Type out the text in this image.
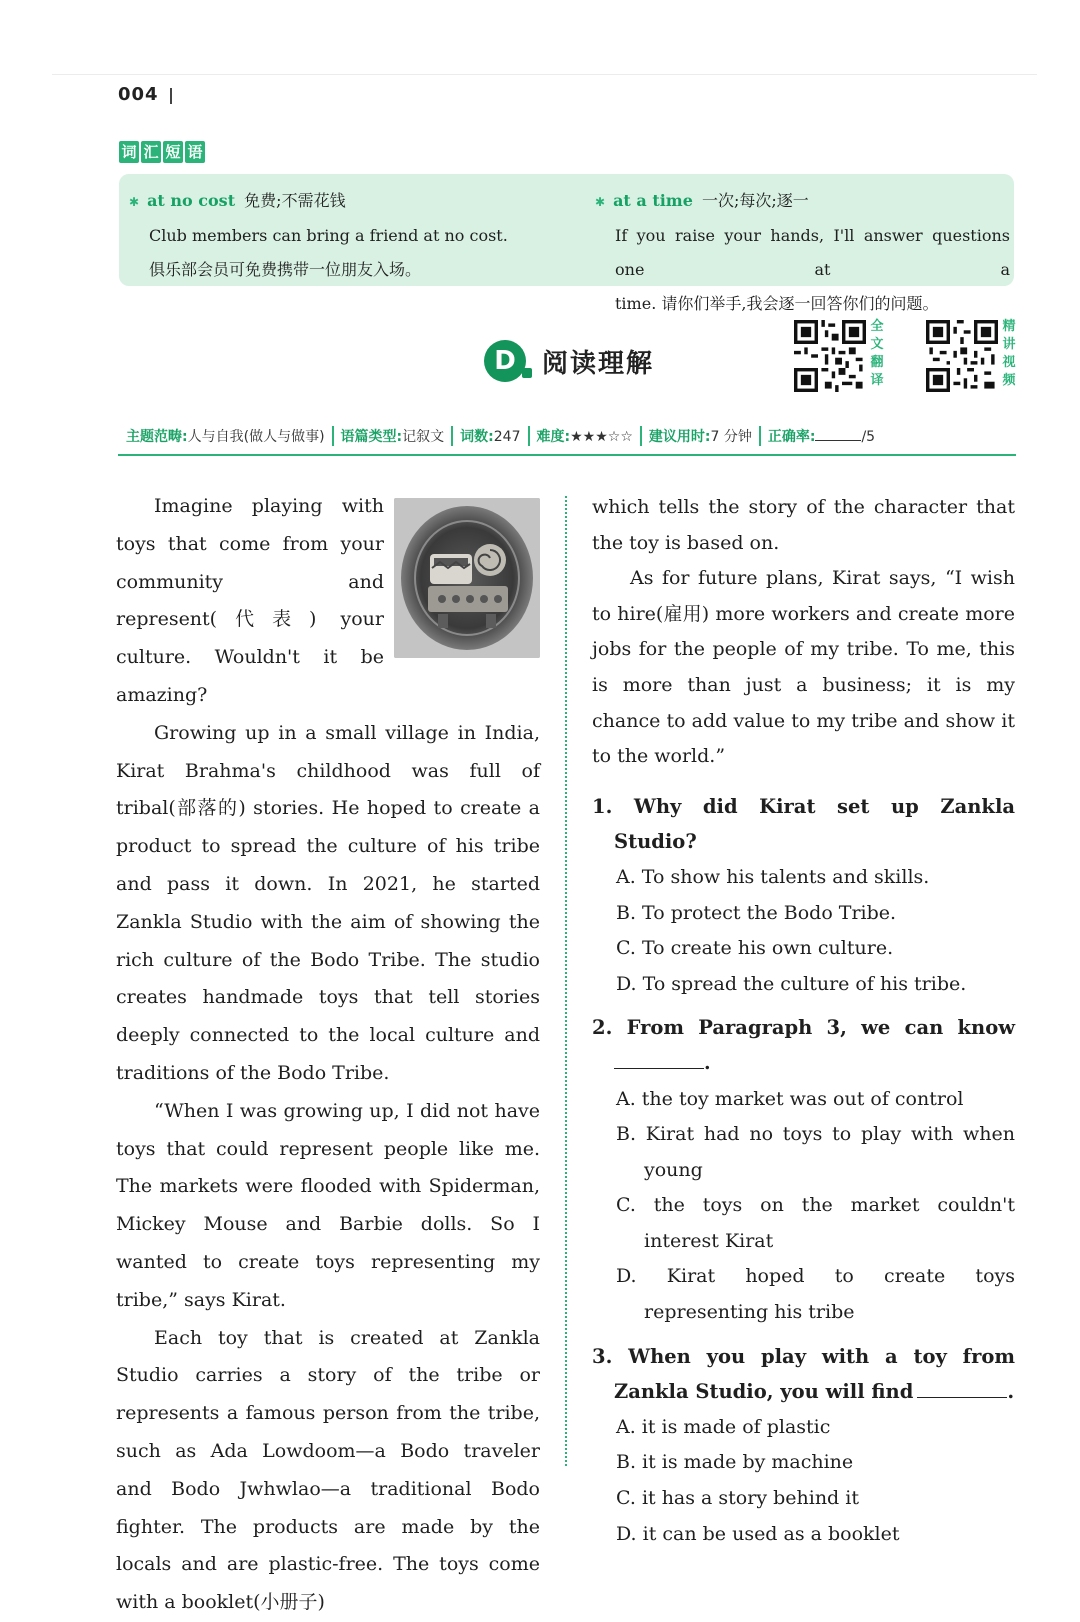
004
词 汇 短 语
✱ at no cost 免费;不需花钱
Club members can bring a friend at no cost.
俱乐部会员可免费携带一位朋友入场。
✱ at a time 一次;每次;逐一
If you raise your hands, I'll answer questions one at a
time. 请你们举手,我会逐一回答你们的问题。
D	阅读理解
全
文
翻
译
精
讲
视
频
主题范畴:人与自我(做人与做事)	语篇类型:记叙文	词数:247	难度:★★★☆☆	建议用时:7 分钟	正确率:	/5

Imagine playing with toys that come from your community and represent(代表) your culture. Wouldn't it be amazing?

Growing up in a small village in India, Kirat Brahma's childhood was full of tribal(部落的) stories. He hoped to create a product to spread the culture of his tribe and pass it down. In 2021, he started Zankla Studio with the aim of showing the rich culture of the Bodo Tribe. The studio creates handmade toys that tell stories deeply connected to the local culture and traditions of the Bodo Tribe.

“When I was growing up, I did not have toys that could represent people like me. The markets were flooded with Spiderman, Mickey Mouse and Barbie dolls. So I wanted to create toys representing my tribe,” says Kirat.

Each toy that is created at Zankla Studio carries a story of the tribe or represents a famous person from the tribe, such as Ada Lowdoom—a Bodo traveler and Bodo Jwhwlao—a traditional Bodo fighter. The products are made by the locals and are plastic-free. The toys come with a booklet(小册子)

which tells the story of the character that the toy is based on.

As for future plans, Kirat says, “I wish to hire(雇用) more workers and create more jobs for the people of my tribe. To me, this is more than just a business; it is my chance to add value to my tribe and show it to the world.”

1. Why did Kirat set up Zankla Studio?
A. To show his talents and skills.
B. To protect the Bodo Tribe.
C. To create his own culture.
D. To spread the culture of his tribe.
2. From Paragraph 3, we can know
.
A. the toy market was out of control
B. Kirat had no toys to play with when young
C. the toys on the market couldn't interest Kirat
D. Kirat hoped to create toys representing his tribe
3. When you play with a toy from Zankla Studio, you will find	.
A. it is made of plastic
B. it is made by machine
C. it has a story behind it
D. it can be used as a booklet
